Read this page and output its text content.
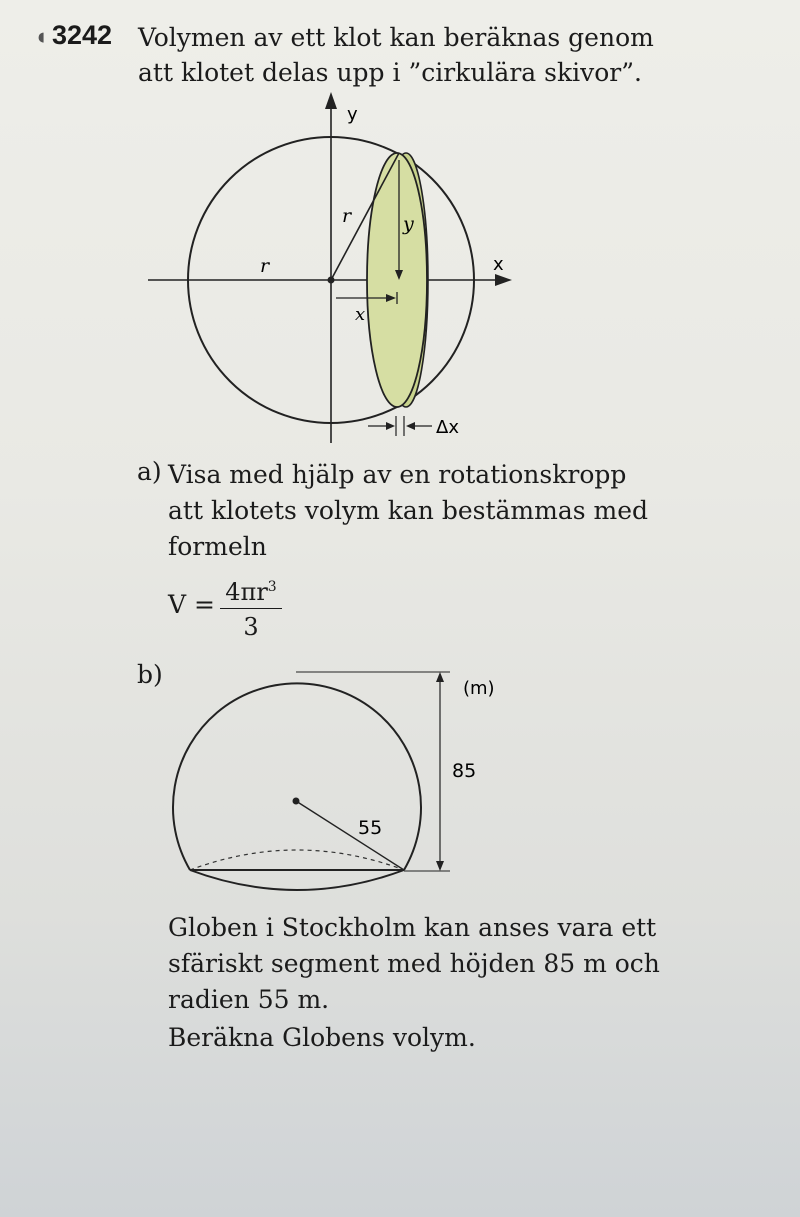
◖ 3242 Volymen av ett klot kan beräknas genom
att klotet delas upp i ”cirkulära skivor”.

y
x
r
r	y
x
Δx
a) Visa med hjälp av en rotationskropp
att klotets volym kan bestämmas med
formeln

$V = \frac{4\pi r^3}{3}$
b)	(m)
85
55

Globen i Stockholm kan anses vara ett
sfäriskt segment med höjden 85 m och
radien 55 m.

Beräkna Globens volym.
